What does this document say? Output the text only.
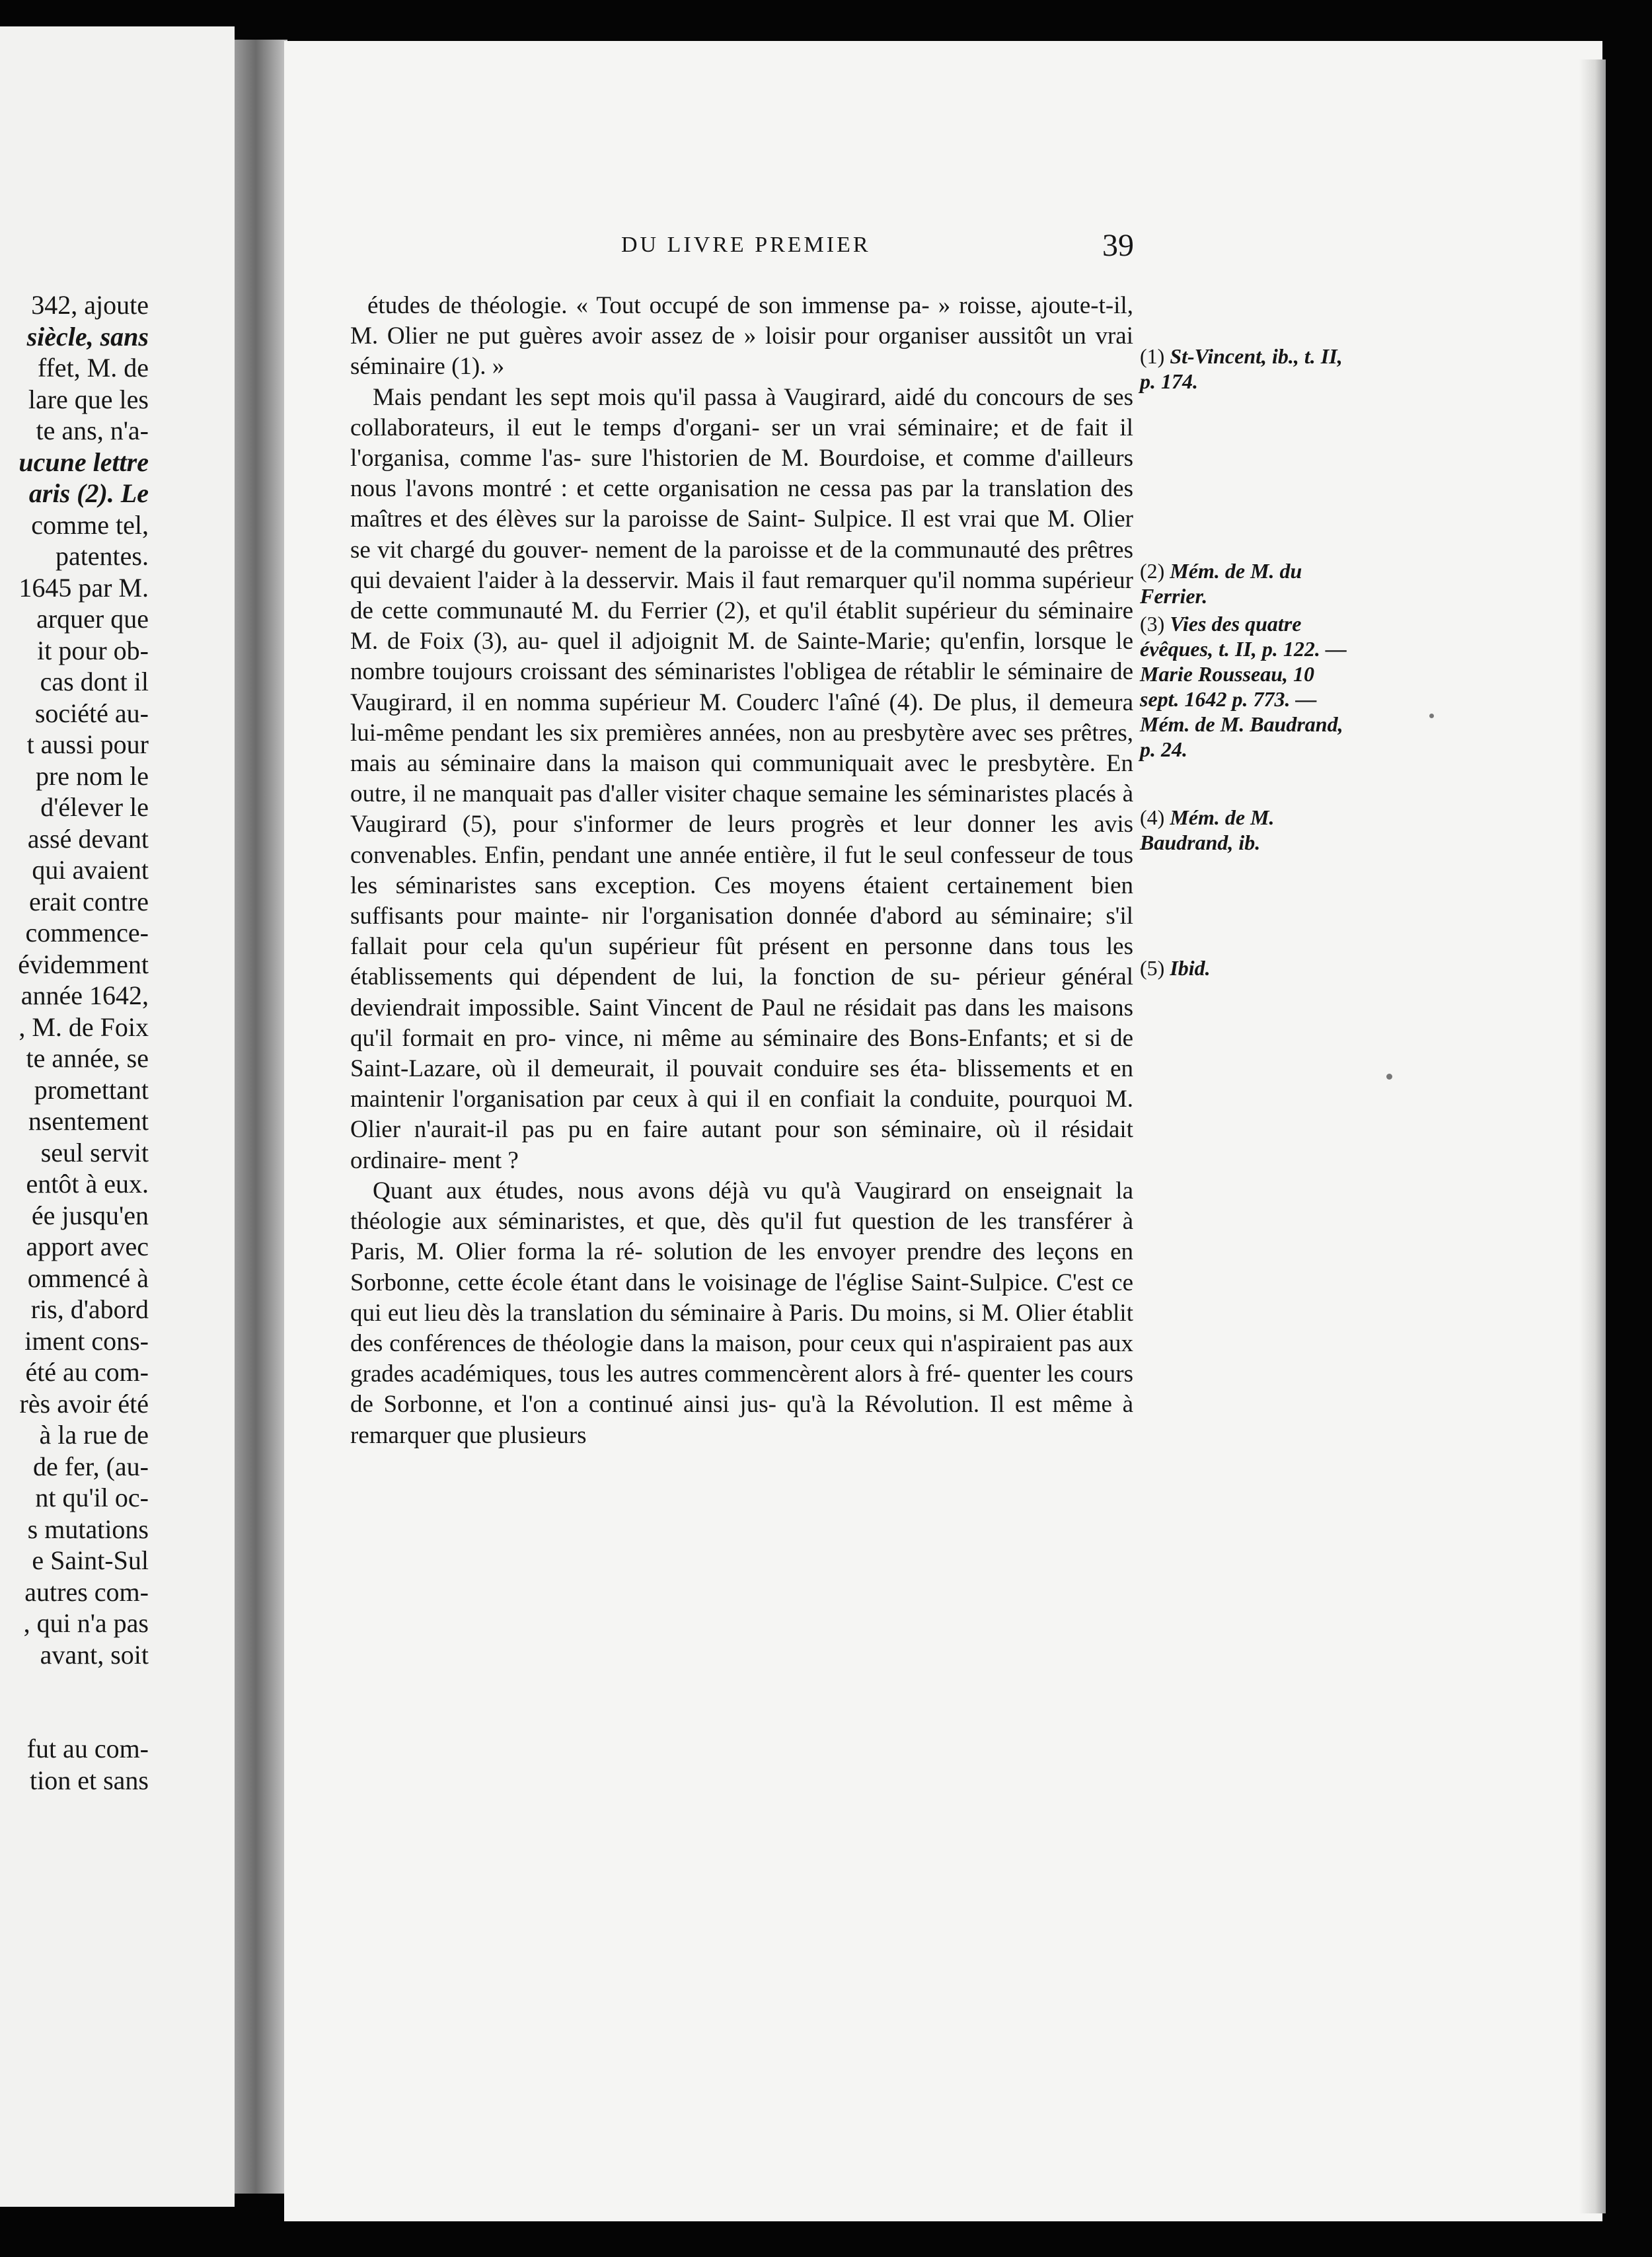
342, ajoute
siècle, sans
ffet, M. de
lare que les
te ans, n'a-
ucune lettre
aris (2). Le
comme tel,
patentes.
1645 par M.
arquer que
it pour ob-
cas dont il
société au-
t aussi pour
pre nom le
d'élever le
assé devant
qui avaient
erait contre
commence-
évidemment
année 1642,
, M. de Foix
te année, se
promettant
nsentement
seul servit
entôt à eux.
ée jusqu'en
apport avec
ommencé à
ris, d'abord
iment cons-
été au com-
rès avoir été
à la rue de
de fer, (au-
nt qu'il oc-
s mutations
e Saint-Sul
autres com-
, qui n'a pas
avant, soit
fut au com-
tion et sans
DU LIVRE PREMIER	39

études de théologie. « Tout occupé de son immense pa- » roisse, ajoute-t-il, M. Olier ne put guères avoir assez de » loisir pour organiser aussitôt un vrai séminaire (1). »

Mais pendant les sept mois qu'il passa à Vaugirard, aidé du concours de ses collaborateurs, il eut le temps d'organi- ser un vrai séminaire; et de fait il l'organisa, comme l'as- sure l'historien de M. Bourdoise, et comme d'ailleurs nous l'avons montré : et cette organisation ne cessa pas par la translation des maîtres et des élèves sur la paroisse de Saint- Sulpice. Il est vrai que M. Olier se vit chargé du gouver- nement de la paroisse et de la communauté des prêtres qui devaient l'aider à la desservir. Mais il faut remarquer qu'il nomma supérieur de cette communauté M. du Ferrier (2), et qu'il établit supérieur du séminaire M. de Foix (3), au- quel il adjoignit M. de Sainte-Marie; qu'enfin, lorsque le nombre toujours croissant des séminaristes l'obligea de rétablir le séminaire de Vaugirard, il en nomma supérieur M. Couderc l'aîné (4). De plus, il demeura lui-même pendant les six premières années, non au presbytère avec ses prêtres, mais au séminaire dans la maison qui communiquait avec le presbytère. En outre, il ne manquait pas d'aller visiter chaque semaine les séminaristes placés à Vaugirard (5), pour s'informer de leurs progrès et leur donner les avis convenables. Enfin, pendant une année entière, il fut le seul confesseur de tous les séminaristes sans exception. Ces moyens étaient certainement bien suffisants pour mainte- nir l'organisation donnée d'abord au séminaire; s'il fallait pour cela qu'un supérieur fût présent en personne dans tous les établissements qui dépendent de lui, la fonction de su- périeur général deviendrait impossible. Saint Vincent de Paul ne résidait pas dans les maisons qu'il formait en pro- vince, ni même au séminaire des Bons-Enfants; et si de Saint-Lazare, où il demeurait, il pouvait conduire ses éta- blissements et en maintenir l'organisation par ceux à qui il en confiait la conduite, pourquoi M. Olier n'aurait-il pas pu en faire autant pour son séminaire, où il résidait ordinaire- ment ?

Quant aux études, nous avons déjà vu qu'à Vaugirard on enseignait la théologie aux séminaristes, et que, dès qu'il fut question de les transférer à Paris, M. Olier forma la ré- solution de les envoyer prendre des leçons en Sorbonne, cette école étant dans le voisinage de l'église Saint-Sulpice. C'est ce qui eut lieu dès la translation du séminaire à Paris. Du moins, si M. Olier établit des conférences de théologie dans la maison, pour ceux qui n'aspiraient pas aux grades académiques, tous les autres commencèrent alors à fré- quenter les cours de Sorbonne, et l'on a continué ainsi jus- qu'à la Révolution. Il est même à remarquer que plusieurs

(1) St-Vincent, ib., t. II, p. 174.
(2) Mém. de M. du Ferrier.
(3) Vies des quatre évêques, t. II, p. 122. — Marie Rousseau, 10 sept. 1642 p. 773. — Mém. de M. Baudrand, p. 24.
(4) Mém. de M. Baudrand, ib.
(5) Ibid.
